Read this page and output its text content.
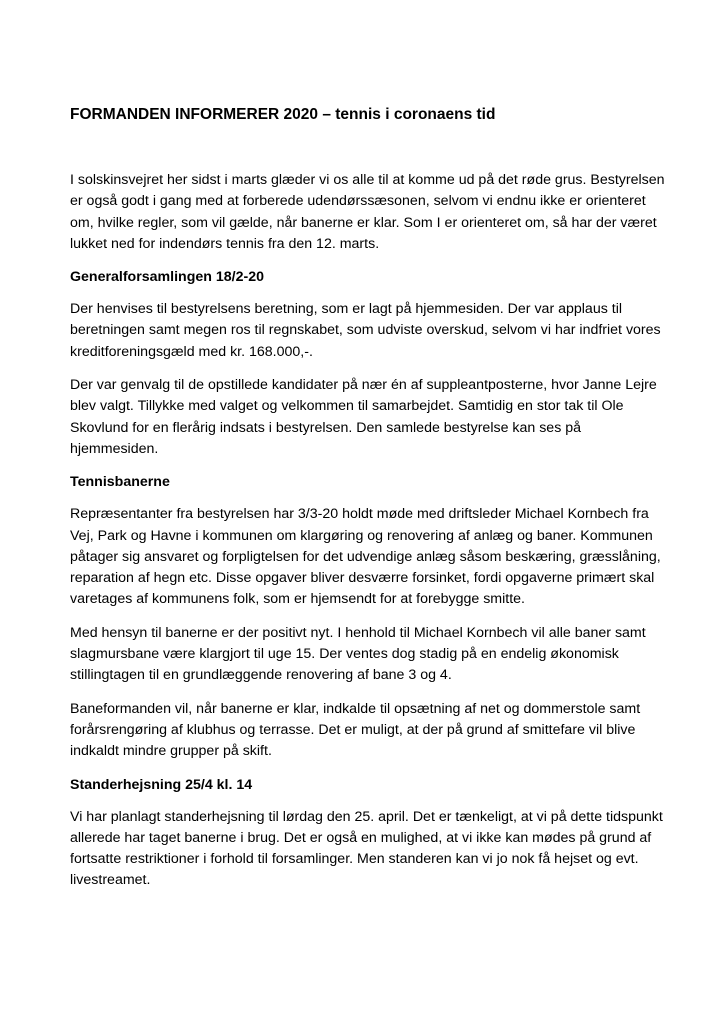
FORMANDEN INFORMERER 2020 – tennis i coronaens tid

I solskinsvejret her sidst i marts glæder vi os alle til at komme ud på det røde grus. Bestyrelsen er også godt i gang med at forberede udendørssæsonen, selvom vi endnu ikke er orienteret om, hvilke regler, som vil gælde, når banerne er klar. Som I er orienteret om, så har der været lukket ned for indendørs tennis fra den 12. marts.

Generalforsamlingen 18/2-20

Der henvises til bestyrelsens beretning, som er lagt på hjemmesiden. Der var applaus til beretningen samt megen ros til regnskabet, som udviste overskud, selvom vi har indfriet vores kreditforeningsgæld med kr. 168.000,-.

Der var genvalg til de opstillede kandidater på nær én af suppleantposterne, hvor Janne Lejre blev valgt. Tillykke med valget og velkommen til samarbejdet. Samtidig en stor tak til Ole Skovlund for en flerårig indsats i bestyrelsen. Den samlede bestyrelse kan ses på hjemmesiden.

Tennisbanerne

Repræsentanter fra bestyrelsen har 3/3-20 holdt møde med driftsleder Michael Kornbech fra Vej, Park og Havne i kommunen om klargøring og renovering af anlæg og baner. Kommunen påtager sig ansvaret og forpligtelsen for det udvendige anlæg såsom beskæring, græsslåning, reparation af hegn etc. Disse opgaver bliver desværre forsinket, fordi opgaverne primært skal varetages af kommunens folk, som er hjemsendt for at forebygge smitte.

Med hensyn til banerne er der positivt nyt. I henhold til Michael Kornbech vil alle baner samt slagmursbane være klargjort til uge 15. Der ventes dog stadig på en endelig økonomisk stillingtagen til en grundlæggende renovering af bane 3 og 4.

Baneformanden vil, når banerne er klar, indkalde til opsætning af net og dommerstole samt forårsrengøring af klubhus og terrasse. Det er muligt, at der på grund af smittefare vil blive indkaldt mindre grupper på skift.

Standerhejsning 25/4 kl. 14

Vi har planlagt standerhejsning til lørdag den 25. april. Det er tænkeligt, at vi på dette tidspunkt allerede har taget banerne i brug. Det er også en mulighed, at vi ikke kan mødes på grund af fortsatte restriktioner i forhold til forsamlinger. Men standeren kan vi jo nok få hejset og evt. livestreamet.
